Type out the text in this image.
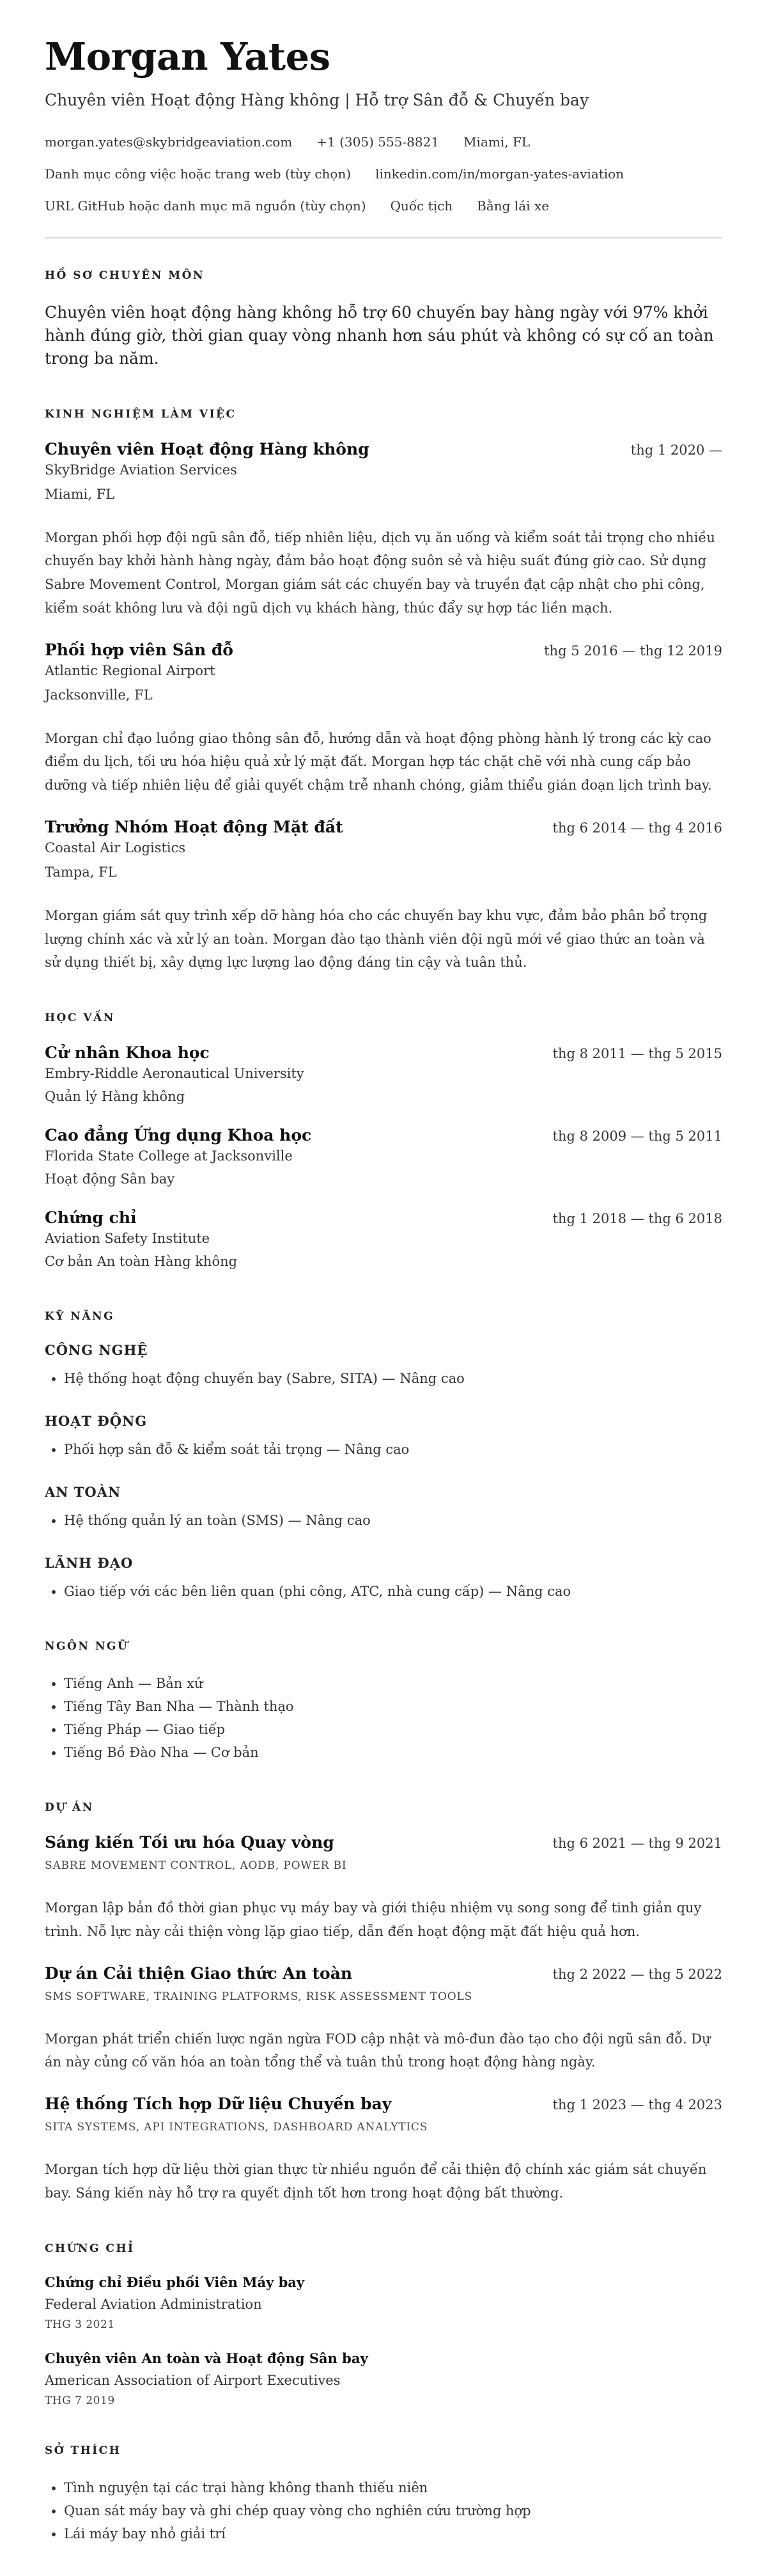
Morgan Yates
Chuyên viên Hoạt động Hàng không | Hỗ trợ Sân đỗ & Chuyến bay
morgan.yates@skybridgeaviation.com +1 (305) 555-8821 Miami, FL
Danh mục công việc hoặc trang web (tùy chọn) linkedin.com/in/morgan-yates-aviation
URL GitHub hoặc danh mục mã nguồn (tùy chọn) Quốc tịch Bằng lái xe
HỒ SƠ CHUYÊN MÔN

Chuyên viên hoạt động hàng không hỗ trợ 60 chuyến bay hàng ngày với 97% khởi hành đúng giờ, thời gian quay vòng nhanh hơn sáu phút và không có sự cố an toàn trong ba năm.

KINH NGHIỆM LÀM VIỆC
Chuyên viên Hoạt động Hàng không	thg 1 2020 —
SkyBridge Aviation Services
Miami, FL

Morgan phối hợp đội ngũ sân đỗ, tiếp nhiên liệu, dịch vụ ăn uống và kiểm soát tải trọng cho nhiều chuyến bay khởi hành hàng ngày, đảm bảo hoạt động suôn sẻ và hiệu suất đúng giờ cao. Sử dụng Sabre Movement Control, Morgan giám sát các chuyến bay và truyền đạt cập nhật cho phi công, kiểm soát không lưu và đội ngũ dịch vụ khách hàng, thúc đẩy sự hợp tác liền mạch.

Phối hợp viên Sân đỗ	thg 5 2016 — thg 12 2019
Atlantic Regional Airport
Jacksonville, FL

Morgan chỉ đạo luồng giao thông sân đỗ, hướng dẫn và hoạt động phòng hành lý trong các kỳ cao điểm du lịch, tối ưu hóa hiệu quả xử lý mặt đất. Morgan hợp tác chặt chẽ với nhà cung cấp bảo dưỡng và tiếp nhiên liệu để giải quyết chậm trễ nhanh chóng, giảm thiểu gián đoạn lịch trình bay.

Trưởng Nhóm Hoạt động Mặt đất	thg 6 2014 — thg 4 2016
Coastal Air Logistics
Tampa, FL

Morgan giám sát quy trình xếp dỡ hàng hóa cho các chuyến bay khu vực, đảm bảo phân bổ trọng lượng chính xác và xử lý an toàn. Morgan đào tạo thành viên đội ngũ mới về giao thức an toàn và sử dụng thiết bị, xây dựng lực lượng lao động đáng tin cậy và tuân thủ.

HỌC VẤN
Cử nhân Khoa học	thg 8 2011 — thg 5 2015
Embry-Riddle Aeronautical University
Quản lý Hàng không
Cao đẳng Ứng dụng Khoa học	thg 8 2009 — thg 5 2011
Florida State College at Jacksonville
Hoạt động Sân bay
Chứng chỉ	thg 1 2018 — thg 6 2018
Aviation Safety Institute
Cơ bản An toàn Hàng không
KỸ NĂNG
CÔNG NGHỆ
• Hệ thống hoạt động chuyến bay (Sabre, SITA) — Nâng cao
HOẠT ĐỘNG
• Phối hợp sân đỗ & kiểm soát tải trọng — Nâng cao
AN TOÀN
• Hệ thống quản lý an toàn (SMS) — Nâng cao
LÃNH ĐẠO
• Giao tiếp với các bên liên quan (phi công, ATC, nhà cung cấp) — Nâng cao
NGÔN NGỮ
• Tiếng Anh — Bản xứ
• Tiếng Tây Ban Nha — Thành thạo
• Tiếng Pháp — Giao tiếp
• Tiếng Bồ Đào Nha — Cơ bản
DỰ ÁN
Sáng kiến Tối ưu hóa Quay vòng	thg 6 2021 — thg 9 2021
SABRE MOVEMENT CONTROL, AODB, POWER BI

Morgan lập bản đồ thời gian phục vụ máy bay và giới thiệu nhiệm vụ song song để tinh giản quy trình. Nỗ lực này cải thiện vòng lặp giao tiếp, dẫn đến hoạt động mặt đất hiệu quả hơn.

Dự án Cải thiện Giao thức An toàn	thg 2 2022 — thg 5 2022
SMS SOFTWARE, TRAINING PLATFORMS, RISK ASSESSMENT TOOLS

Morgan phát triển chiến lược ngăn ngừa FOD cập nhật và mô-đun đào tạo cho đội ngũ sân đỗ. Dự án này củng cố văn hóa an toàn tổng thể và tuân thủ trong hoạt động hàng ngày.

Hệ thống Tích hợp Dữ liệu Chuyến bay	thg 1 2023 — thg 4 2023
SITA SYSTEMS, API INTEGRATIONS, DASHBOARD ANALYTICS

Morgan tích hợp dữ liệu thời gian thực từ nhiều nguồn để cải thiện độ chính xác giám sát chuyến bay. Sáng kiến này hỗ trợ ra quyết định tốt hơn trong hoạt động bất thường.

CHỨNG CHỈ
Chứng chỉ Điều phối Viên Máy bay
Federal Aviation Administration
THG 3 2021
Chuyên viên An toàn và Hoạt động Sân bay
American Association of Airport Executives
THG 7 2019
SỞ THÍCH
• Tình nguyện tại các trại hàng không thanh thiếu niên
• Quan sát máy bay và ghi chép quay vòng cho nghiên cứu trường hợp
• Lái máy bay nhỏ giải trí
